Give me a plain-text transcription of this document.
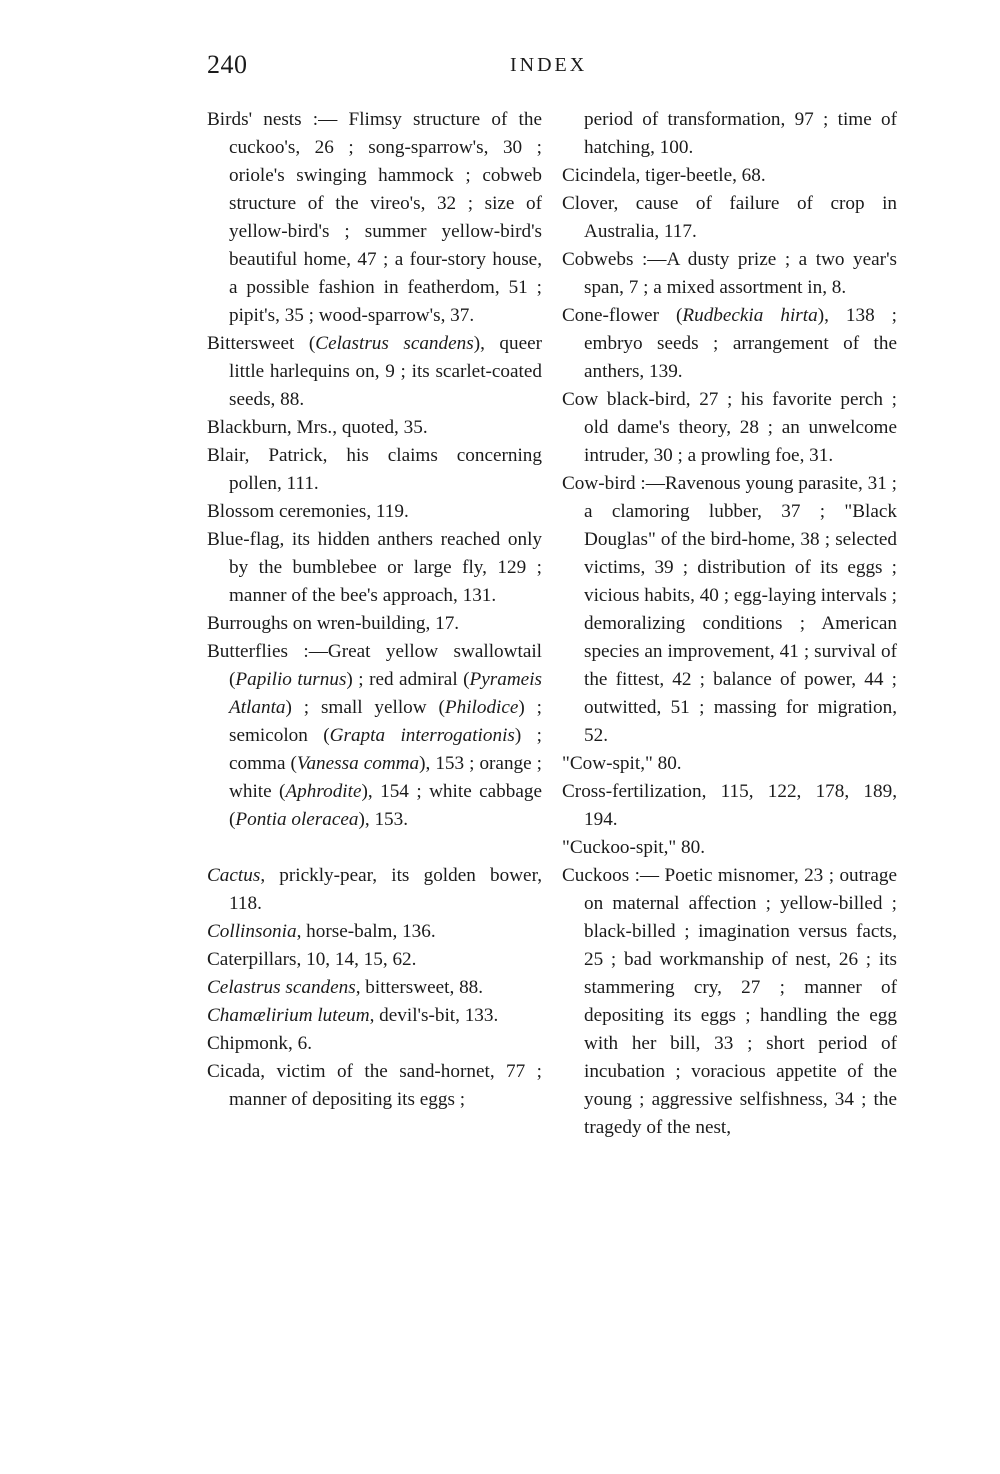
240	INDEX

Birds' nests :— Flimsy structure of the cuckoo's, 26 ; song-sparrow's, 30 ; oriole's swinging hammock ; cobweb structure of the vireo's, 32 ; size of yellow-bird's ; summer yellow-bird's beautiful home, 47 ; a four-story house, a possible fashion in featherdom, 51 ; pipit's, 35 ; wood-sparrow's, 37.

Bittersweet (Celastrus scandens), queer little harlequins on, 9 ; its scarlet-coated seeds, 88.

Blackburn, Mrs., quoted, 35.

Blair, Patrick, his claims concerning pollen, 111.

Blossom ceremonies, 119.

Blue-flag, its hidden anthers reached only by the bumblebee or large fly, 129 ; manner of the bee's approach, 131.

Burroughs on wren-building, 17.

Butterflies :—Great yellow swallowtail (Papilio turnus) ; red admiral (Pyrameis Atlanta) ; small yellow (Philodice) ; semicolon (Grapta interrogationis) ; comma (Vanessa comma), 153 ; orange ; white (Aphrodite), 154 ; white cabbage (Pontia oleracea), 153.

Cactus, prickly-pear, its golden bower, 118.

Collinsonia, horse-balm, 136.

Caterpillars, 10, 14, 15, 62.

Celastrus scandens, bittersweet, 88.

Chamælirium luteum, devil's-bit, 133.

Chipmonk, 6.

Cicada, victim of the sand-hornet, 77 ; manner of depositing its eggs ;

period of transformation, 97 ; time of hatching, 100.

Cicindela, tiger-beetle, 68.

Clover, cause of failure of crop in Australia, 117.

Cobwebs :—A dusty prize ; a two year's span, 7 ; a mixed assortment in, 8.

Cone-flower (Rudbeckia hirta), 138 ; embryo seeds ; arrangement of the anthers, 139.

Cow black-bird, 27 ; his favorite perch ; old dame's theory, 28 ; an unwelcome intruder, 30 ; a prowling foe, 31.

Cow-bird :—Ravenous young parasite, 31 ; a clamoring lubber, 37 ; "Black Douglas" of the bird-home, 38 ; selected victims, 39 ; distribution of its eggs ; vicious habits, 40 ; egg-laying intervals ; demoralizing conditions ; American species an improvement, 41 ; survival of the fittest, 42 ; balance of power, 44 ; outwitted, 51 ; massing for migration, 52.

"Cow-spit," 80.

Cross-fertilization, 115, 122, 178, 189, 194.

"Cuckoo-spit," 80.

Cuckoos :— Poetic misnomer, 23 ; outrage on maternal affection ; yellow-billed ; black-billed ; imagination versus facts, 25 ; bad workmanship of nest, 26 ; its stammering cry, 27 ; manner of depositing its eggs ; handling the egg with her bill, 33 ; short period of incubation ; voracious appetite of the young ; aggressive selfishness, 34 ; the tragedy of the nest,
